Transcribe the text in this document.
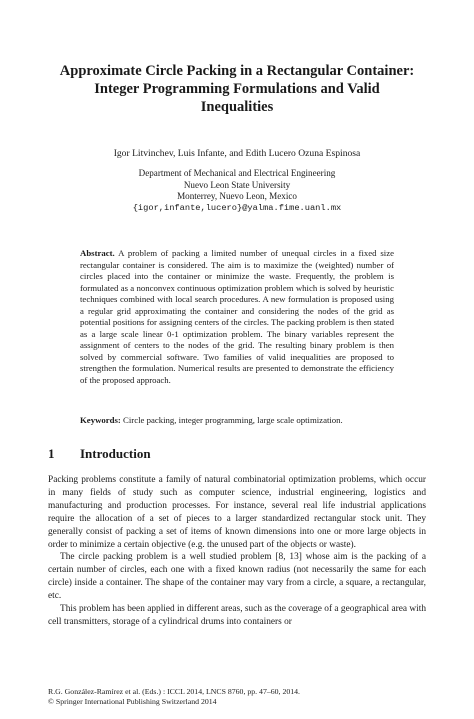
Approximate Circle Packing in a Rectangular Container:
Integer Programming Formulations and Valid
Inequalities
Igor Litvinchev, Luis Infante, and Edith Lucero Ozuna Espinosa
Department of Mechanical and Electrical Engineering
Nuevo Leon State University
Monterrey, Nuevo Leon, Mexico
{igor,infante,lucero}@yalma.fime.uanl.mx

Abstract. A problem of packing a limited number of unequal circles in a fixed size rectangular container is considered. The aim is to maximize the (weighted) number of circles placed into the container or minimize the waste. Frequently, the problem is formulated as a nonconvex continuous optimization problem which is solved by heuristic techniques combined with local search procedures. A new formulation is proposed using a regular grid approximating the container and considering the nodes of the grid as potential positions for assigning centers of the circles. The packing problem is then stated as a large scale linear 0-1 optimization problem. The binary variables represent the assignment of centers to the nodes of the grid. The resulting binary problem is then solved by commercial software. Two families of valid inequalities are proposed to strengthen the formulation. Numerical results are presented to demonstrate the efficiency of the proposed approach.

Keywords: Circle packing, integer programming, large scale optimization.

1 Introduction

Packing problems constitute a family of natural combinatorial optimization problems, which occur in many fields of study such as computer science, industrial engineering, logistics and manufacturing and production processes. For instance, several real life industrial applications require the allocation of a set of pieces to a larger standardized rectangular stock unit. They generally consist of packing a set of items of known dimensions into one or more large objects in order to minimize a certain objective (e.g. the unused part of the objects or waste).

The circle packing problem is a well studied problem [8, 13] whose aim is the packing of a certain number of circles, each one with a fixed known radius (not necessarily the same for each circle) inside a container. The shape of the container may vary from a circle, a square, a rectangular, etc.

This problem has been applied in different areas, such as the coverage of a geographical area with cell transmitters, storage of a cylindrical drums into containers or

R.G. González-Ramírez et al. (Eds.) : ICCL 2014, LNCS 8760, pp. 47–60, 2014.
© Springer International Publishing Switzerland 2014
